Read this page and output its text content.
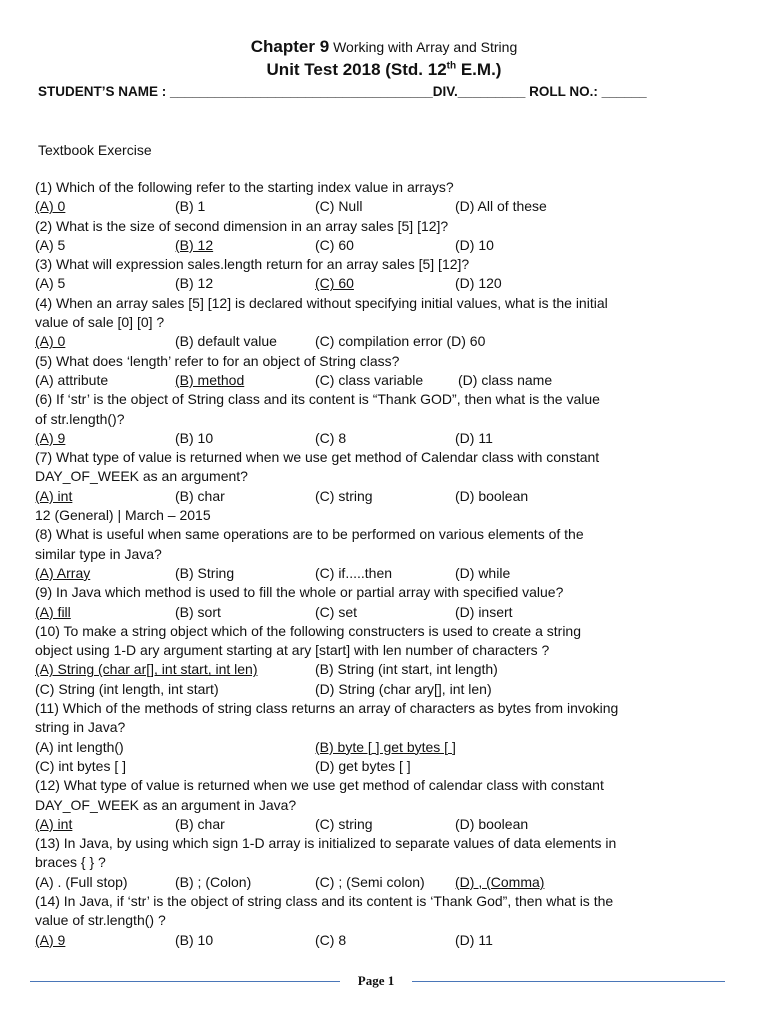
Chapter 9 Working with Array and String
Unit Test 2018 (Std. 12th E.M.)
STUDENT’S NAME : ___________________________________DIV._________ ROLL NO.: ______
Textbook Exercise
(1) Which of the following refer to the starting index value in arrays?
(A) 0	(B) 1	(C) Null	(D) All of these
(2) What is the size of second dimension in an array sales [5] [12]?
(A) 5	(B) 12	(C) 60	(D) 10
(3) What will expression sales.length return for an array sales [5] [12]?
(A) 5	(B) 12	(C) 60	(D) 120
(4) When an array sales [5] [12] is declared without specifying initial values, what is the initial
value of sale [0] [0] ?
(A) 0	(B) default value	(C) compilation error (D) 60
(5) What does ‘length’ refer to for an object of String class?
(A) attribute	(B) method	(C) class variable (D) class name
(6) If ‘str’ is the object of String class and its content is “Thank GOD”, then what is the value
of str.length()?
(A) 9	(B) 10	(C) 8	(D) 11
(7) What type of value is returned when we use get method of Calendar class with constant
DAY_OF_WEEK as an argument?
(A) int	(B) char	(C) string	(D) boolean
12 (General) | March – 2015
(8) What is useful when same operations are to be performed on various elements of the
similar type in Java?
(A) Array	(B) String	(C) if.....then	(D) while
(9) In Java which method is used to fill the whole or partial array with specified value?
(A) fill	(B) sort	(C) set	(D) insert
(10) To make a string object which of the following constructers is used to create a string
object using 1-D ary argument starting at ary [start] with len number of characters ?
(A) String (char ar[], int start, int len)	(B) String (int start, int length)
(C) String (int length, int start)	(D) String (char ary[], int len)
(11) Which of the methods of string class returns an array of characters as bytes from invoking
string in Java?
(A) int length()	(B) byte [ ] get bytes [ ]
(C) int bytes [ ]	(D) get bytes [ ]
(12) What type of value is returned when we use get method of calendar class with constant
DAY_OF_WEEK as an argument in Java?
(A) int	(B) char	(C) string	(D) boolean
(13) In Java, by using which sign 1-D array is initialized to separate values of data elements in
braces { } ?
(A) . (Full stop)	(B) ; (Colon)	(C) ; (Semi colon) (D) , (Comma)
(14) In Java, if ‘str’ is the object of string class and its content is ‘Thank God”, then what is the
value of str.length() ?
(A) 9	(B) 10	(C) 8	(D) 11
Page 1
